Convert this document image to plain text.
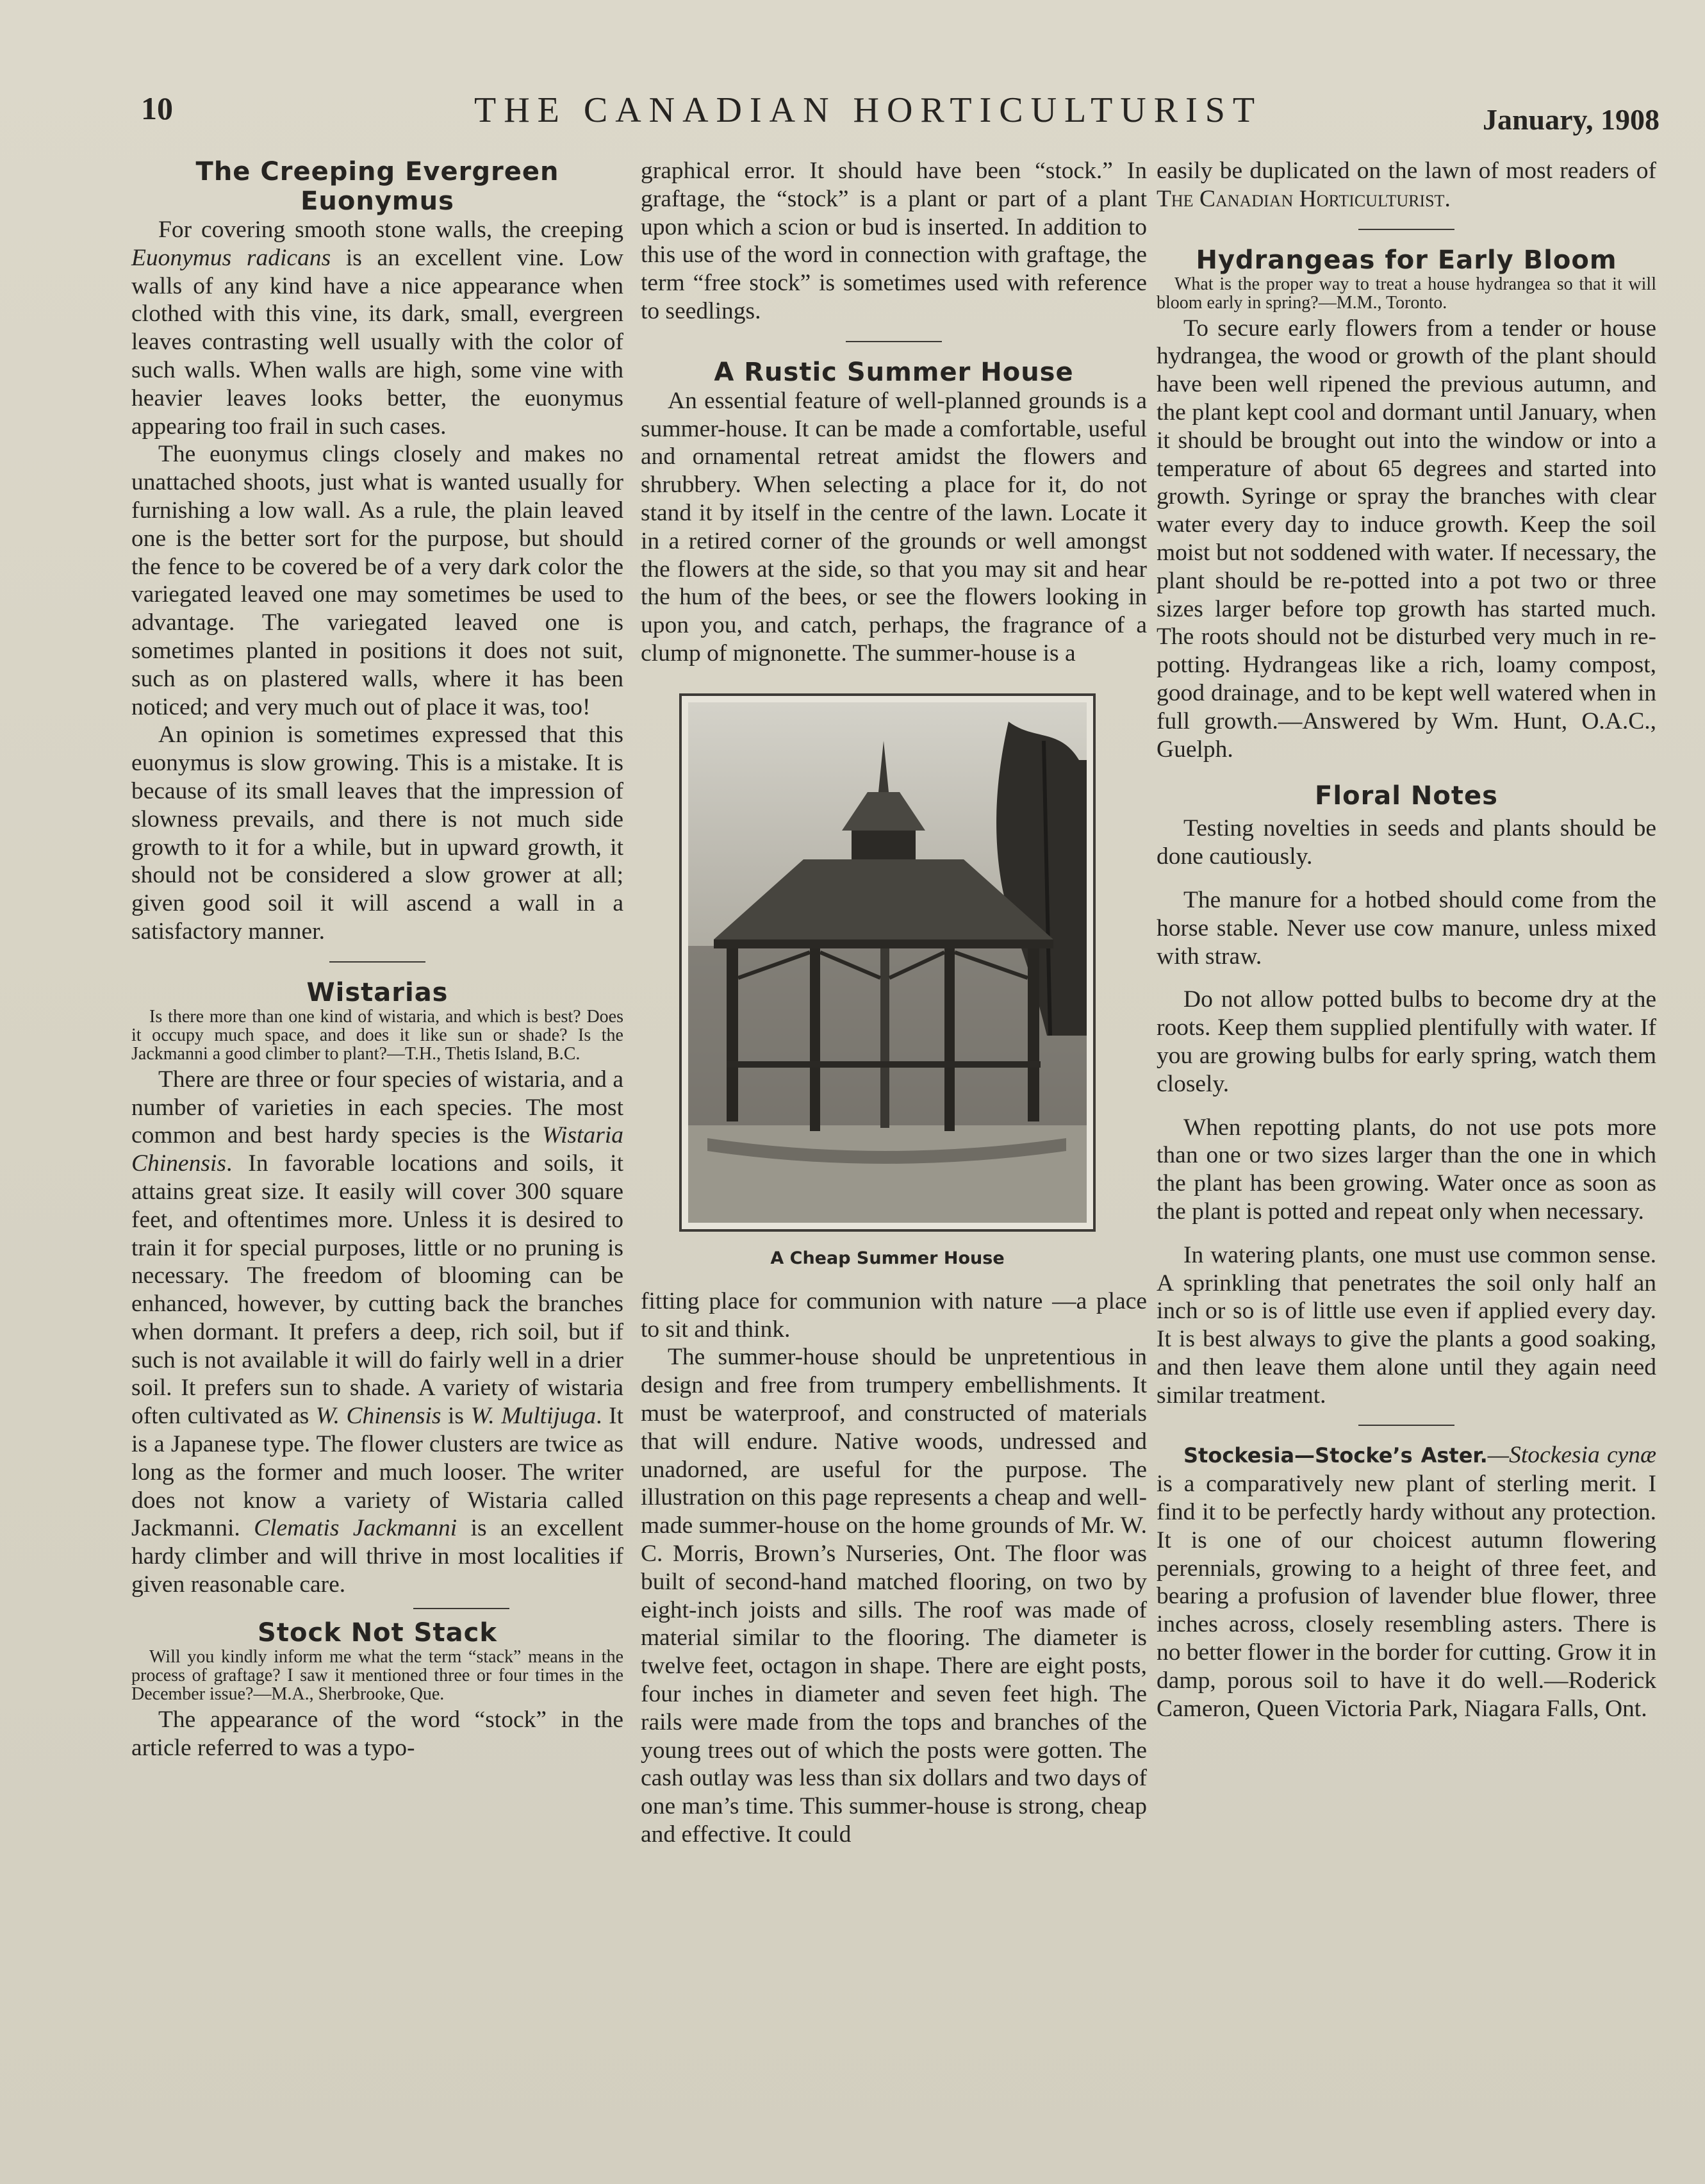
10	THE CANADIAN HORTICULTURIST	January, 1908
The Creeping Evergreen
Euonymus

For covering smooth stone walls, the creeping Euonymus radicans is an excellent vine. Low walls of any kind have a nice appearance when clothed with this vine, its dark, small, evergreen leaves contrasting well usually with the color of such walls. When walls are high, some vine with heavier leaves looks better, the euonymus appearing too frail in such cases.

The euonymus clings closely and makes no unattached shoots, just what is wanted usually for furnishing a low wall. As a rule, the plain leaved one is the better sort for the purpose, but should the fence to be covered be of a very dark color the variegated leaved one may sometimes be used to advantage. The variegated leaved one is sometimes planted in positions it does not suit, such as on plastered walls, where it has been noticed; and very much out of place it was, too!

An opinion is sometimes expressed that this euonymus is slow growing. This is a mistake. It is because of its small leaves that the impression of slowness prevails, and there is not much side growth to it for a while, but in upward growth, it should not be considered a slow grower at all; given good soil it will ascend a wall in a satisfactory manner.

Wistarias

Is there more than one kind of wistaria, and which is best? Does it occupy much space, and does it like sun or shade? Is the Jackmanni a good climber to plant?—T.H., Thetis Island, B.C.

There are three or four species of wistaria, and a number of varieties in each species. The most common and best hardy species is the Wistaria Chinensis. In favorable locations and soils, it attains great size. It easily will cover 300 square feet, and oftentimes more. Unless it is desired to train it for special purposes, little or no pruning is necessary. The freedom of blooming can be enhanced, however, by cutting back the branches when dormant. It prefers a deep, rich soil, but if such is not available it will do fairly well in a drier soil. It prefers sun to shade. A variety of wistaria often cultivated as W. Chinensis is W. Multijuga. It is a Japanese type. The flower clusters are twice as long as the former and much looser. The writer does not know a variety of Wistaria called Jackmanni. Clematis Jackmanni is an excellent hardy climber and will thrive in most localities if given reasonable care.

Stock Not Stack

Will you kindly inform me what the term “stack” means in the process of graftage? I saw it mentioned three or four times in the December issue?—M.A., Sherbrooke, Que.

The appearance of the word “stock” in the article referred to was a typo-

graphical error. It should have been “stock.” In graftage, the “stock” is a plant or part of a plant upon which a scion or bud is inserted. In addition to this use of the word in connection with graftage, the term “free stock” is sometimes used with reference to seedlings.

A Rustic Summer House

An essential feature of well-planned grounds is a summer-house. It can be made a comfortable, useful and ornamental retreat amidst the flowers and shrubbery. When selecting a place for it, do not stand it by itself in the centre of the lawn. Locate it in a retired corner of the grounds or well amongst the flowers at the side, so that you may sit and hear the hum of the bees, or see the flowers looking in upon you, and catch, perhaps, the fragrance of a clump of mignonette. The summer-house is a

A Cheap Summer House

fitting place for communion with nature —a place to sit and think.

The summer-house should be unpretentious in design and free from trumpery embellishments. It must be waterproof, and constructed of materials that will endure. Native woods, undressed and unadorned, are useful for the purpose. The illustration on this page represents a cheap and well-made summer-house on the home grounds of Mr. W. C. Morris, Brown’s Nurseries, Ont. The floor was built of second-hand matched flooring, on two by eight-inch joists and sills. The roof was made of material similar to the flooring. The diameter is twelve feet, octagon in shape. There are eight posts, four inches in diameter and seven feet high. The rails were made from the tops and branches of the young trees out of which the posts were gotten. The cash outlay was less than six dollars and two days of one man’s time. This summer-house is strong, cheap and effective. It could

easily be duplicated on the lawn of most readers of The Canadian Horticulturist.

Hydrangeas for Early Bloom

What is the proper way to treat a house hydrangea so that it will bloom early in spring?—M.M., Toronto.

To secure early flowers from a tender or house hydrangea, the wood or growth of the plant should have been well ripened the previous autumn, and the plant kept cool and dormant until January, when it should be brought out into the window or into a temperature of about 65 degrees and started into growth. Syringe or spray the branches with clear water every day to induce growth. Keep the soil moist but not soddened with water. If necessary, the plant should be re-potted into a pot two or three sizes larger before top growth has started much. The roots should not be disturbed very much in re-potting. Hydrangeas like a rich, loamy compost, good drainage, and to be kept well watered when in full growth.—Answered by Wm. Hunt, O.A.C., Guelph.

Floral Notes

Testing novelties in seeds and plants should be done cautiously.

The manure for a hotbed should come from the horse stable. Never use cow manure, unless mixed with straw.

Do not allow potted bulbs to become dry at the roots. Keep them supplied plentifully with water. If you are growing bulbs for early spring, watch them closely.

When repotting plants, do not use pots more than one or two sizes larger than the one in which the plant has been growing. Water once as soon as the plant is potted and repeat only when necessary.

In watering plants, one must use common sense. A sprinkling that penetrates the soil only half an inch or so is of little use even if applied every day. It is best always to give the plants a good soaking, and then leave them alone until they again need similar treatment.

Stockesia—Stocke’s Aster.—Stockesia cynæ is a comparatively new plant of sterling merit. I find it to be perfectly hardy without any protection. It is one of our choicest autumn flowering perennials, growing to a height of three feet, and bearing a profusion of lavender blue flower, three inches across, closely resembling asters. There is no better flower in the border for cutting. Grow it in damp, porous soil to have it do well.—Roderick Cameron, Queen Victoria Park, Niagara Falls, Ont.
